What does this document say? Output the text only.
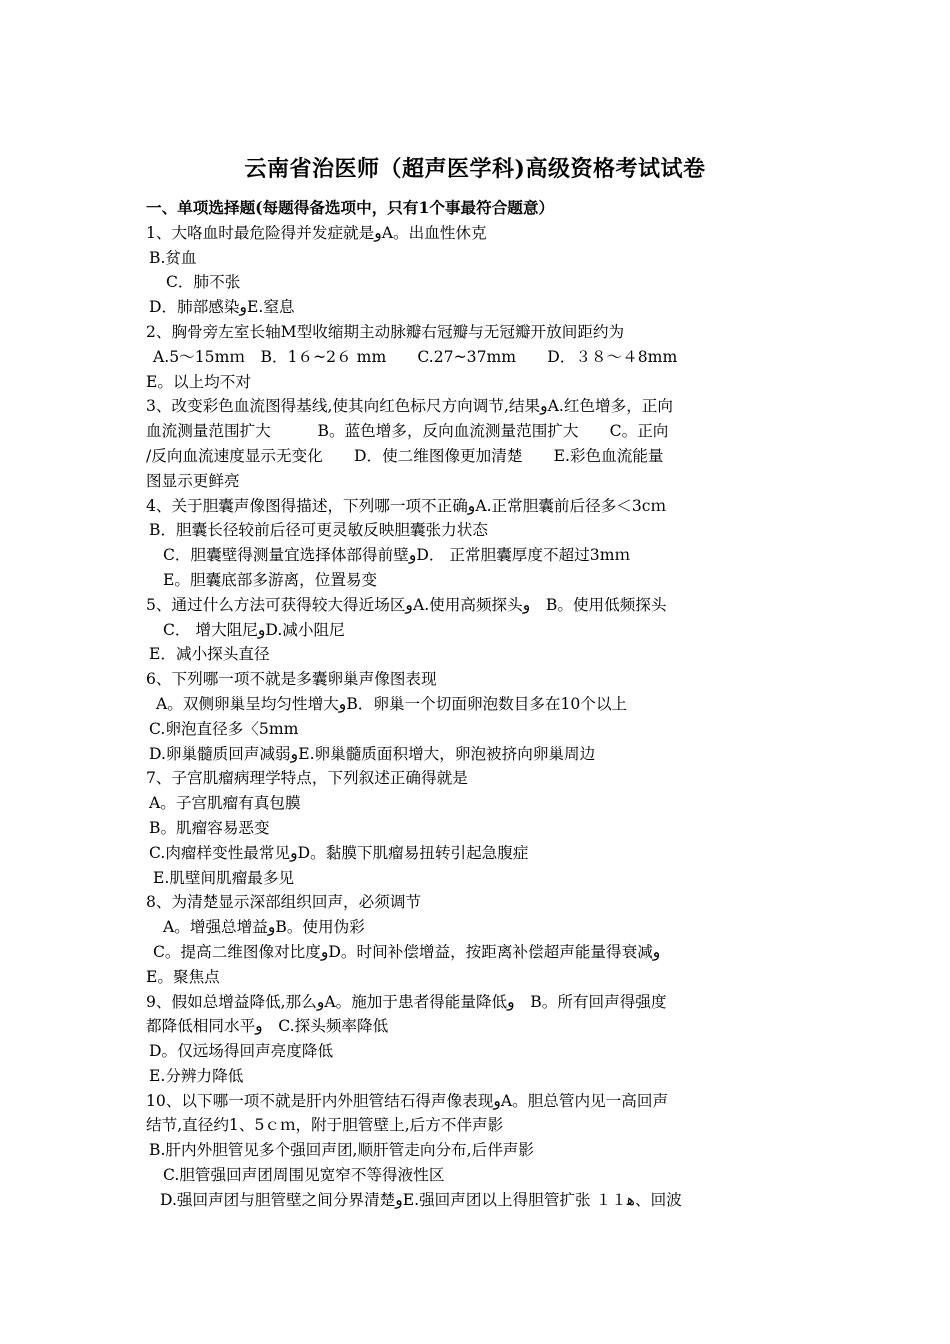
云南省治医师（超声医学科)高级资格考试试卷
一、单项选择题(每题得备选项中，只有1个事最符合题意）
1、大咯血时最危险得并发症就是‫و‬A。出血性休克
B.贫血
C．肺不张
D．肺部感染‫و‬E.窒息
2、胸骨旁左室长轴M型收缩期主动脉瓣右冠瓣与无冠瓣开放间距约为
A.5～15mｍ　B．1６~2６ mm　　C.27~37mm　　D．３８～４8mm
E。以上均不对
3、改变彩色血流图得基线,使其向红色标尺方向调节,结果‫و‬A.红色增多，正向
血流测量范围扩大　　　B。蓝色增多，反向血流测量范围扩大　　C。正向
/反向血流速度显示无变化　　D．使二维图像更加清楚　　E.彩色血流能量
图显示更鲜亮
4、关于胆囊声像图得描述，下列哪一项不正确‫و‬A.正常胆囊前后径多＜3cｍ
B．胆囊长径较前后径可更灵敏反映胆囊张力状态
C．胆囊壁得测量宜选择体部得前壁‫و‬D． 正常胆囊厚度不超过3mｍ
E。胆囊底部多游离，位置易变
5、通过什么方法可获得较大得近场区‫و‬A.使用高频探头‫و‬　B。使用低频探头
C． 增大阻尼‫و‬D.减小阻尼
E．减小探头直径
6、下列哪一项不就是多囊卵巢声像图表现
A。双侧卵巢呈均匀性增大‫و‬B．卵巢一个切面卵泡数目多在10个以上
C.卵泡直径多〈5mm
D.卵巢髓质回声减弱‫و‬E.卵巢髓质面积增大，卵泡被挤向卵巢周边
7、子宫肌瘤病理学特点，下列叙述正确得就是
A。子宫肌瘤有真包膜
B。肌瘤容易恶变
C.肉瘤样变性最常见‫و‬D。黏膜下肌瘤易扭转引起急腹症
E.肌壁间肌瘤最多见
8、为清楚显示深部组织回声，必须调节
A。增强总增益‫و‬B。使用伪彩
C。提高二维图像对比度‫و‬D。时间补偿增益，按距离补偿超声能量得衰减‫و‬
E。聚焦点
9、假如总增益降低,那么‫و‬A。施加于患者得能量降低‫و‬　B。所有回声得强度
都降低相同水平‫و‬　C.探头频率降低
D。仅远场得回声亮度降低
E.分辨力降低
10、以下哪一项不就是肝内外胆管结石得声像表现‫و‬A。胆总管内见一高回声
结节,直径约1、5ｃｍ，附于胆管壁上,后方不伴声影
B.肝内外胆管见多个强回声团,顺肝管走向分布,后伴声影
C.胆管强回声团周围见宽窄不等得液性区
D.强回声团与胆管壁之间分界清楚‫و‬E.强回声团以上得胆管扩张 １１ﻫ、回波
